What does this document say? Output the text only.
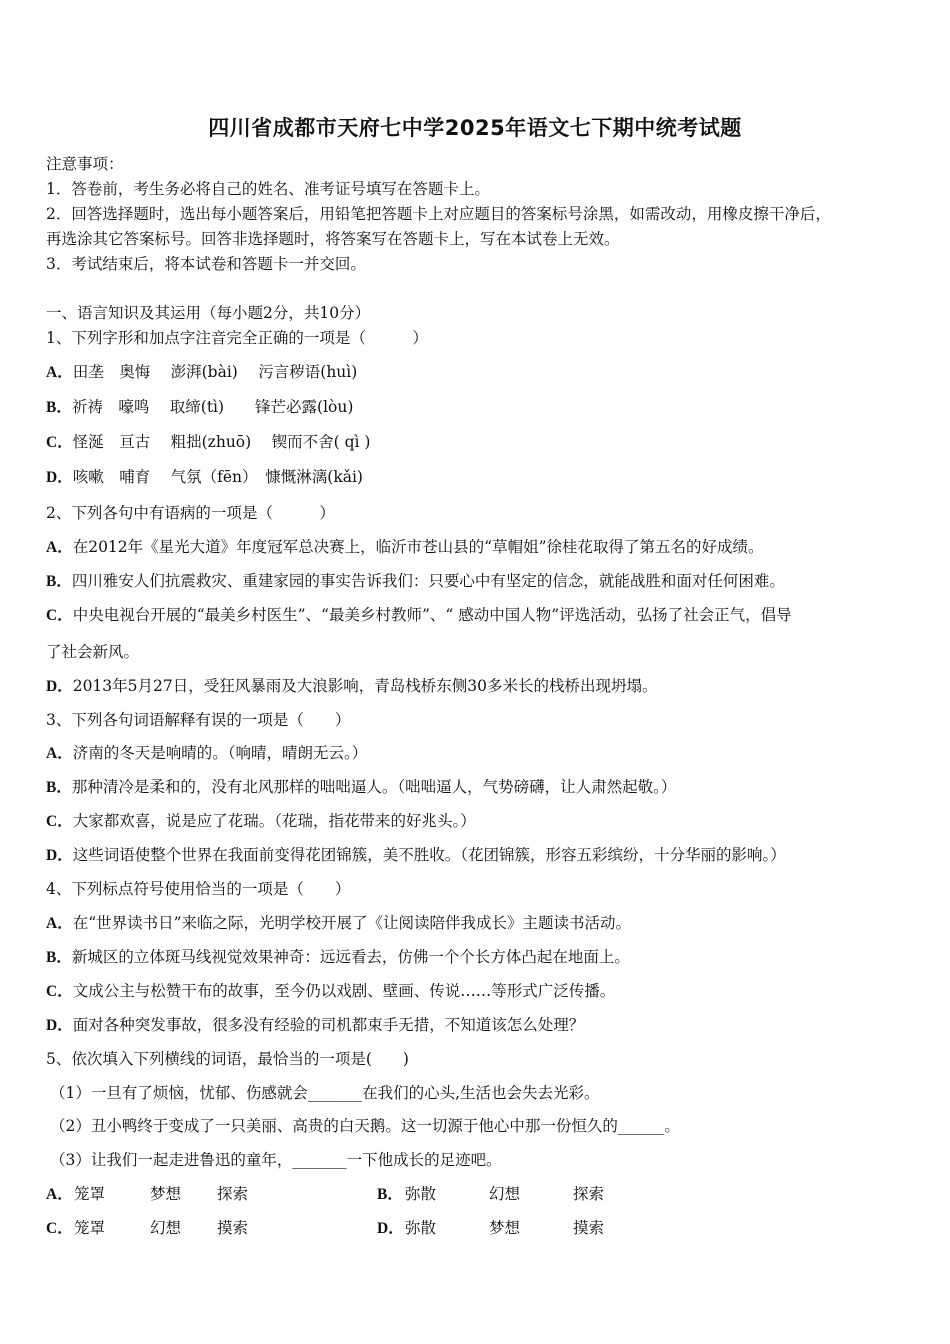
四川省成都市天府七中学2025年语文七下期中统考试题
注意事项：
1．答卷前，考生务必将自己的姓名、准考证号填写在答题卡上。
2．回答选择题时，选出每小题答案后，用铅笔把答题卡上对应题目的答案标号涂黑，如需改动，用橡皮擦干净后，
再选涂其它答案标号。回答非选择题时，将答案写在答题卡上，写在本试卷上无效。
3．考试结束后，将本试卷和答题卡一并交回。
一、语言知识及其运用（每小题2分，共10分）
1、下列字形和加点字注音完全正确的一项是（　　　）
A．田垄　奥悔　 澎湃(bài)　 污言秽语(huì)
B．祈祷　嚎鸣　 取缔(tì)　　锋芒必露(lòu)
C．怪涎　亘古　 粗拙(zhuō)　 锲而不舍( qì )
D．咳嗽　哺育　 气氛（fēn）　慷慨淋漓(kǎi)
2、下列各句中有语病的一项是（　　　）
A．在2012年《星光大道》年度冠军总决赛上，临沂市苍山县的“草帽姐”徐桂花取得了第五名的好成绩。
B．四川雅安人们抗震救灾、重建家园的事实告诉我们：只要心中有坚定的信念，就能战胜和面对任何困难。
C．中央电视台开展的“最美乡村医生”、“最美乡村教师”、“ 感动中国人物”评选活动，弘扬了社会正气，倡导
了社会新风。
D．2013年5月27日，受狂风暴雨及大浪影响，青岛栈桥东侧30多米长的栈桥出现坍塌。
3、下列各句词语解释有误的一项是（　　）
A．济南的冬天是响晴的。（响晴，晴朗无云。）
B．那种清冷是柔和的，没有北风那样的咄咄逼人。（咄咄逼人，气势磅礴，让人肃然起敬。）
C．大家都欢喜，说是应了花瑞。（花瑞，指花带来的好兆头。）
D．这些词语使整个世界在我面前变得花团锦簇，美不胜收。（花团锦簇，形容五彩缤纷，十分华丽的影响。）
4、下列标点符号使用恰当的一项是（　　）
A．在“世界读书日”来临之际，光明学校开展了《让阅读陪伴我成长》主题读书活动。
B．新城区的立体斑马线视觉效果神奇：远远看去，仿佛一个个长方体凸起在地面上。
C．文成公主与松赞干布的故事，至今仍以戏剧、壁画、传说……等形式广泛传播。
D．面对各种突发事故，很多没有经验的司机都束手无措，不知道该怎么处理？
5、依次填入下列横线的词语，最恰当的一项是(　　)
（1）一旦有了烦恼，忧郁、伤感就会_______在我们的心头,生活也会失去光彩。
（2）丑小鸭终于变成了一只美丽、高贵的白天鹅。这一切源于他心中那一份恒久的______。
（3）让我们一起走进鲁迅的童年，_______一下他成长的足迹吧。
A． 笼罩	梦想 探索	B． 弥散	幻想	探索
C． 笼罩	幻想 摸索	D． 弥散	梦想	摸索
